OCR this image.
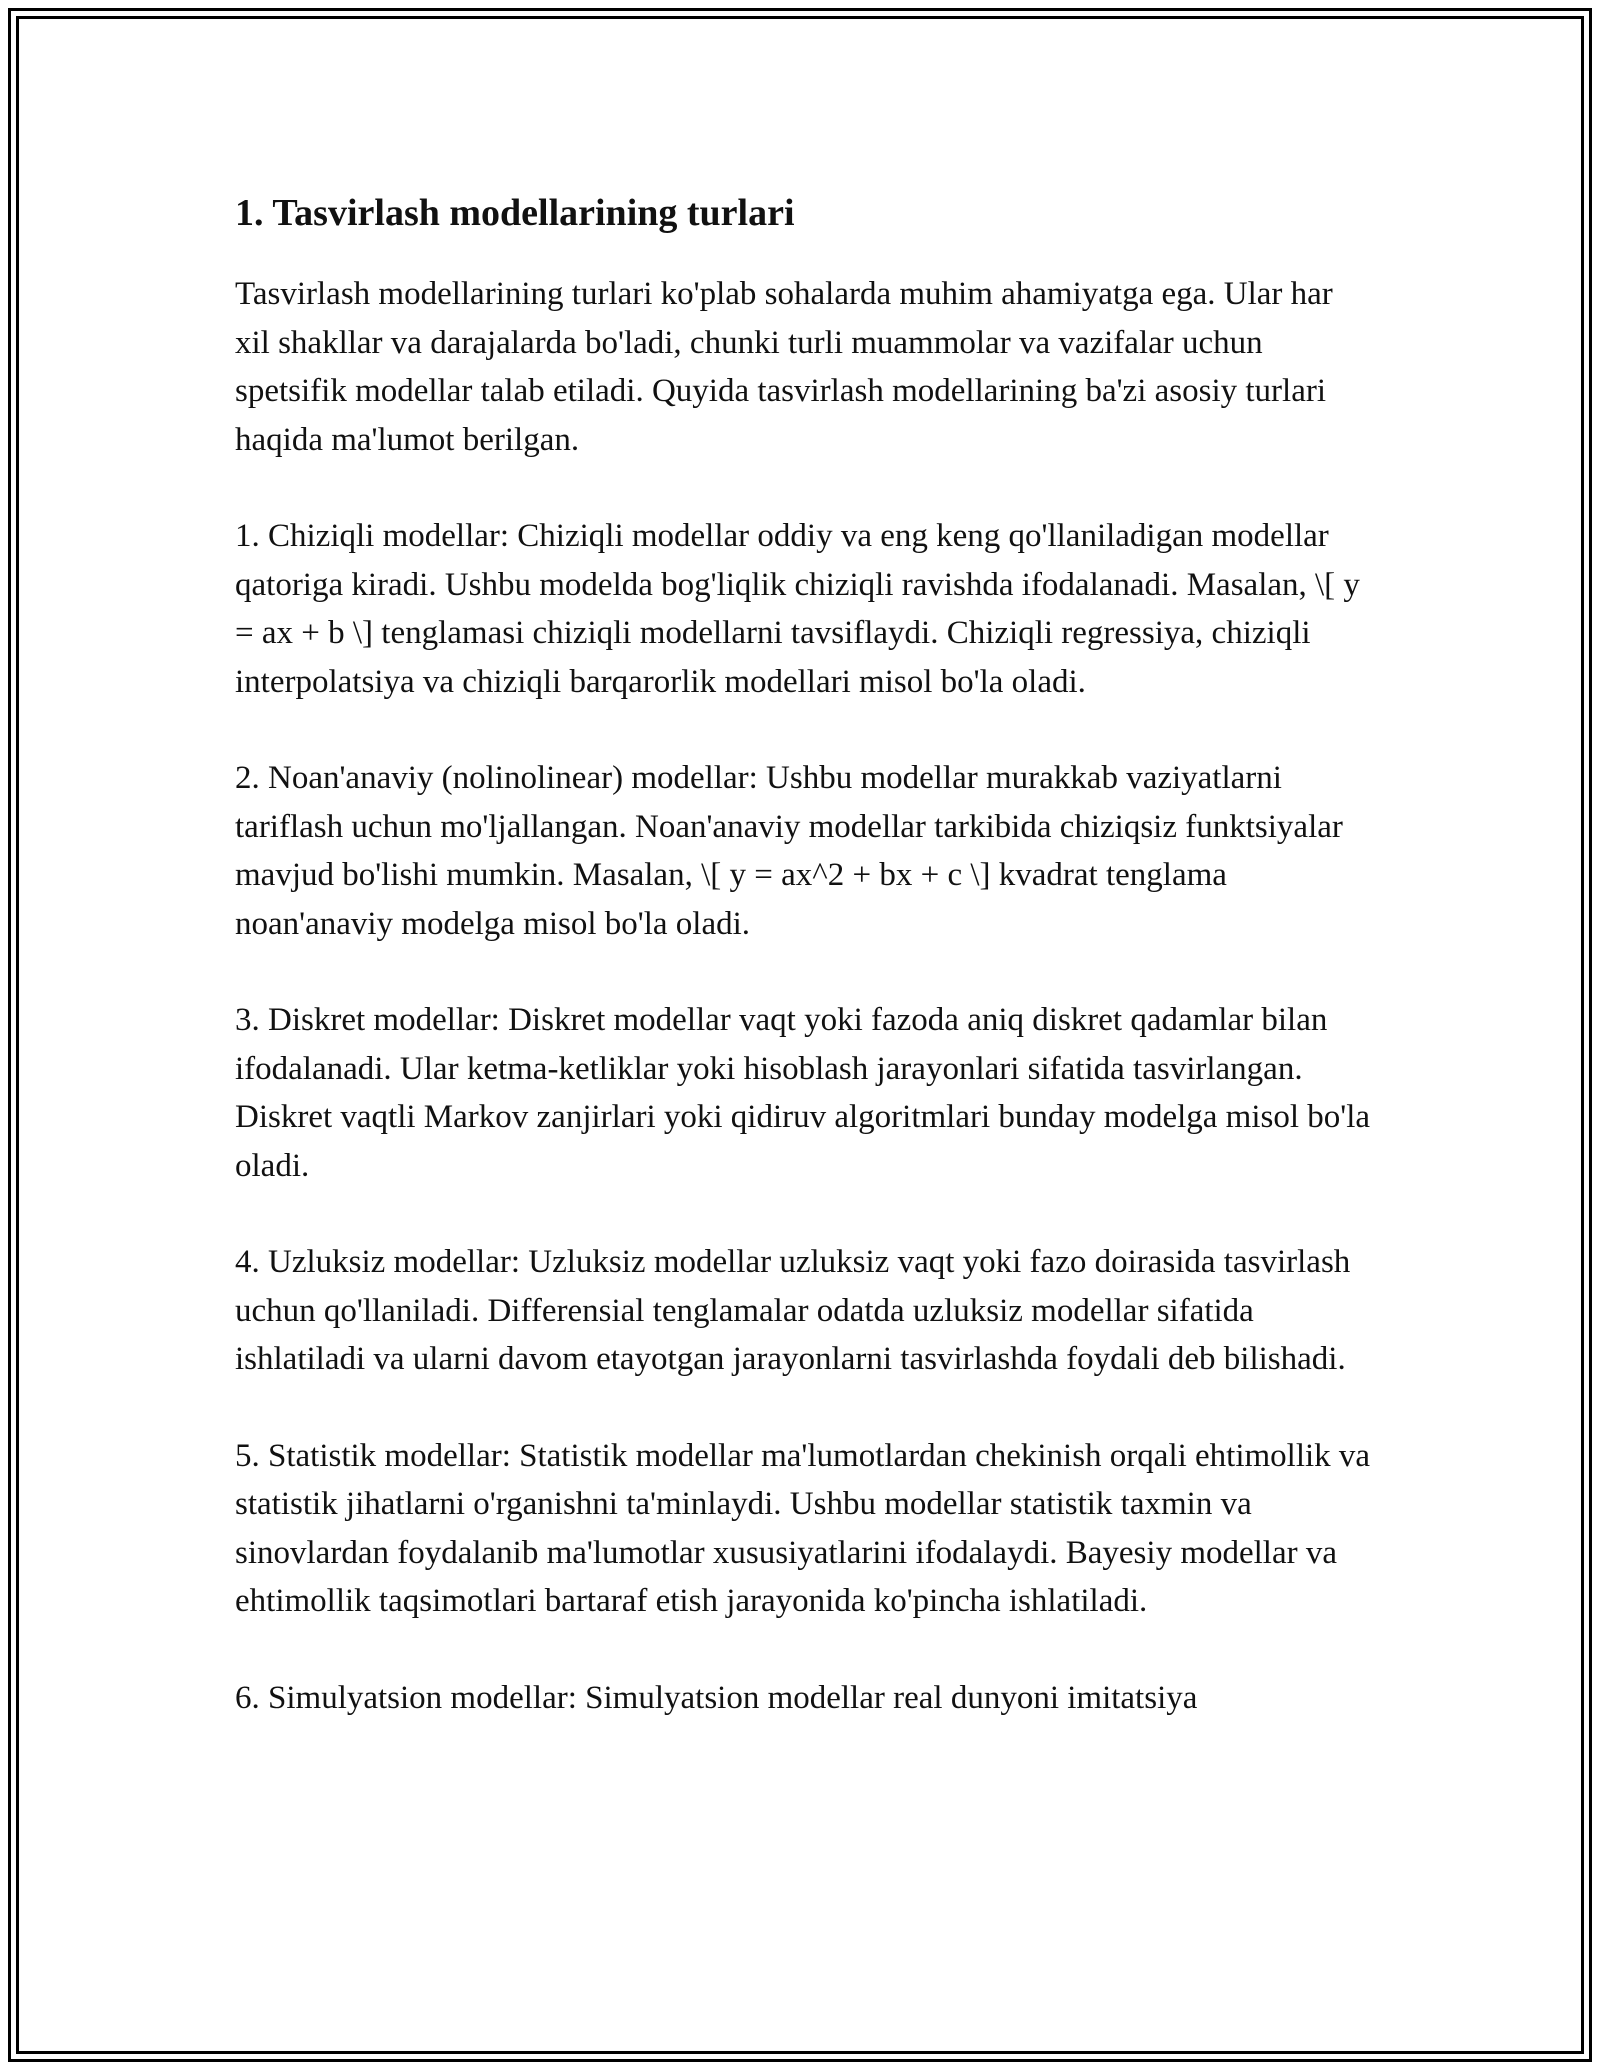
1. Tasvirlash modellarining turlari

Tasvirlash modellarining turlari ko'plab sohalarda muhim ahamiyatga ega. Ular har xil shakllar va darajalarda bo'ladi, chunki turli muammolar va vazifalar uchun spetsifik modellar talab etiladi. Quyida tasvirlash modellarining ba'zi asosiy turlari haqida ma'lumot berilgan.

1. Chiziqli modellar: Chiziqli modellar oddiy va eng keng qo'llaniladigan modellar qatoriga kiradi. Ushbu modelda bog'liqlik chiziqli ravishda ifodalanadi. Masalan, \[ y = ax + b \] tenglamasi chiziqli modellarni tavsiflaydi. Chiziqli regressiya, chiziqli interpolatsiya va chiziqli barqarorlik modellari misol bo'la oladi.

2. Noan'anaviy (nolinolinear) modellar: Ushbu modellar murakkab vaziyatlarni tariflash uchun mo'ljallangan. Noan'anaviy modellar tarkibida chiziqsiz funktsiyalar mavjud bo'lishi mumkin. Masalan, \[ y = ax^2 + bx + c \] kvadrat tenglama noan'anaviy modelga misol bo'la oladi.

3. Diskret modellar: Diskret modellar vaqt yoki fazoda aniq diskret qadamlar bilan ifodalanadi. Ular ketma-ketliklar yoki hisoblash jarayonlari sifatida tasvirlangan. Diskret vaqtli Markov zanjirlari yoki qidiruv algoritmlari bunday modelga misol bo'la oladi.

4. Uzluksiz modellar: Uzluksiz modellar uzluksiz vaqt yoki fazo doirasida tasvirlash uchun qo'llaniladi. Differensial tenglamalar odatda uzluksiz modellar sifatida ishlatiladi va ularni davom etayotgan jarayonlarni tasvirlashda foydali deb bilishadi.

5. Statistik modellar: Statistik modellar ma'lumotlardan chekinish orqali ehtimollik va statistik jihatlarni o'rganishni ta'minlaydi. Ushbu modellar statistik taxmin va sinovlardan foydalanib ma'lumotlar xususiyatlarini ifodalaydi. Bayesiy modellar va ehtimollik taqsimotlari bartaraf etish jarayonida ko'pincha ishlatiladi.

6. Simulyatsion modellar: Simulyatsion modellar real dunyoni imitatsiya
